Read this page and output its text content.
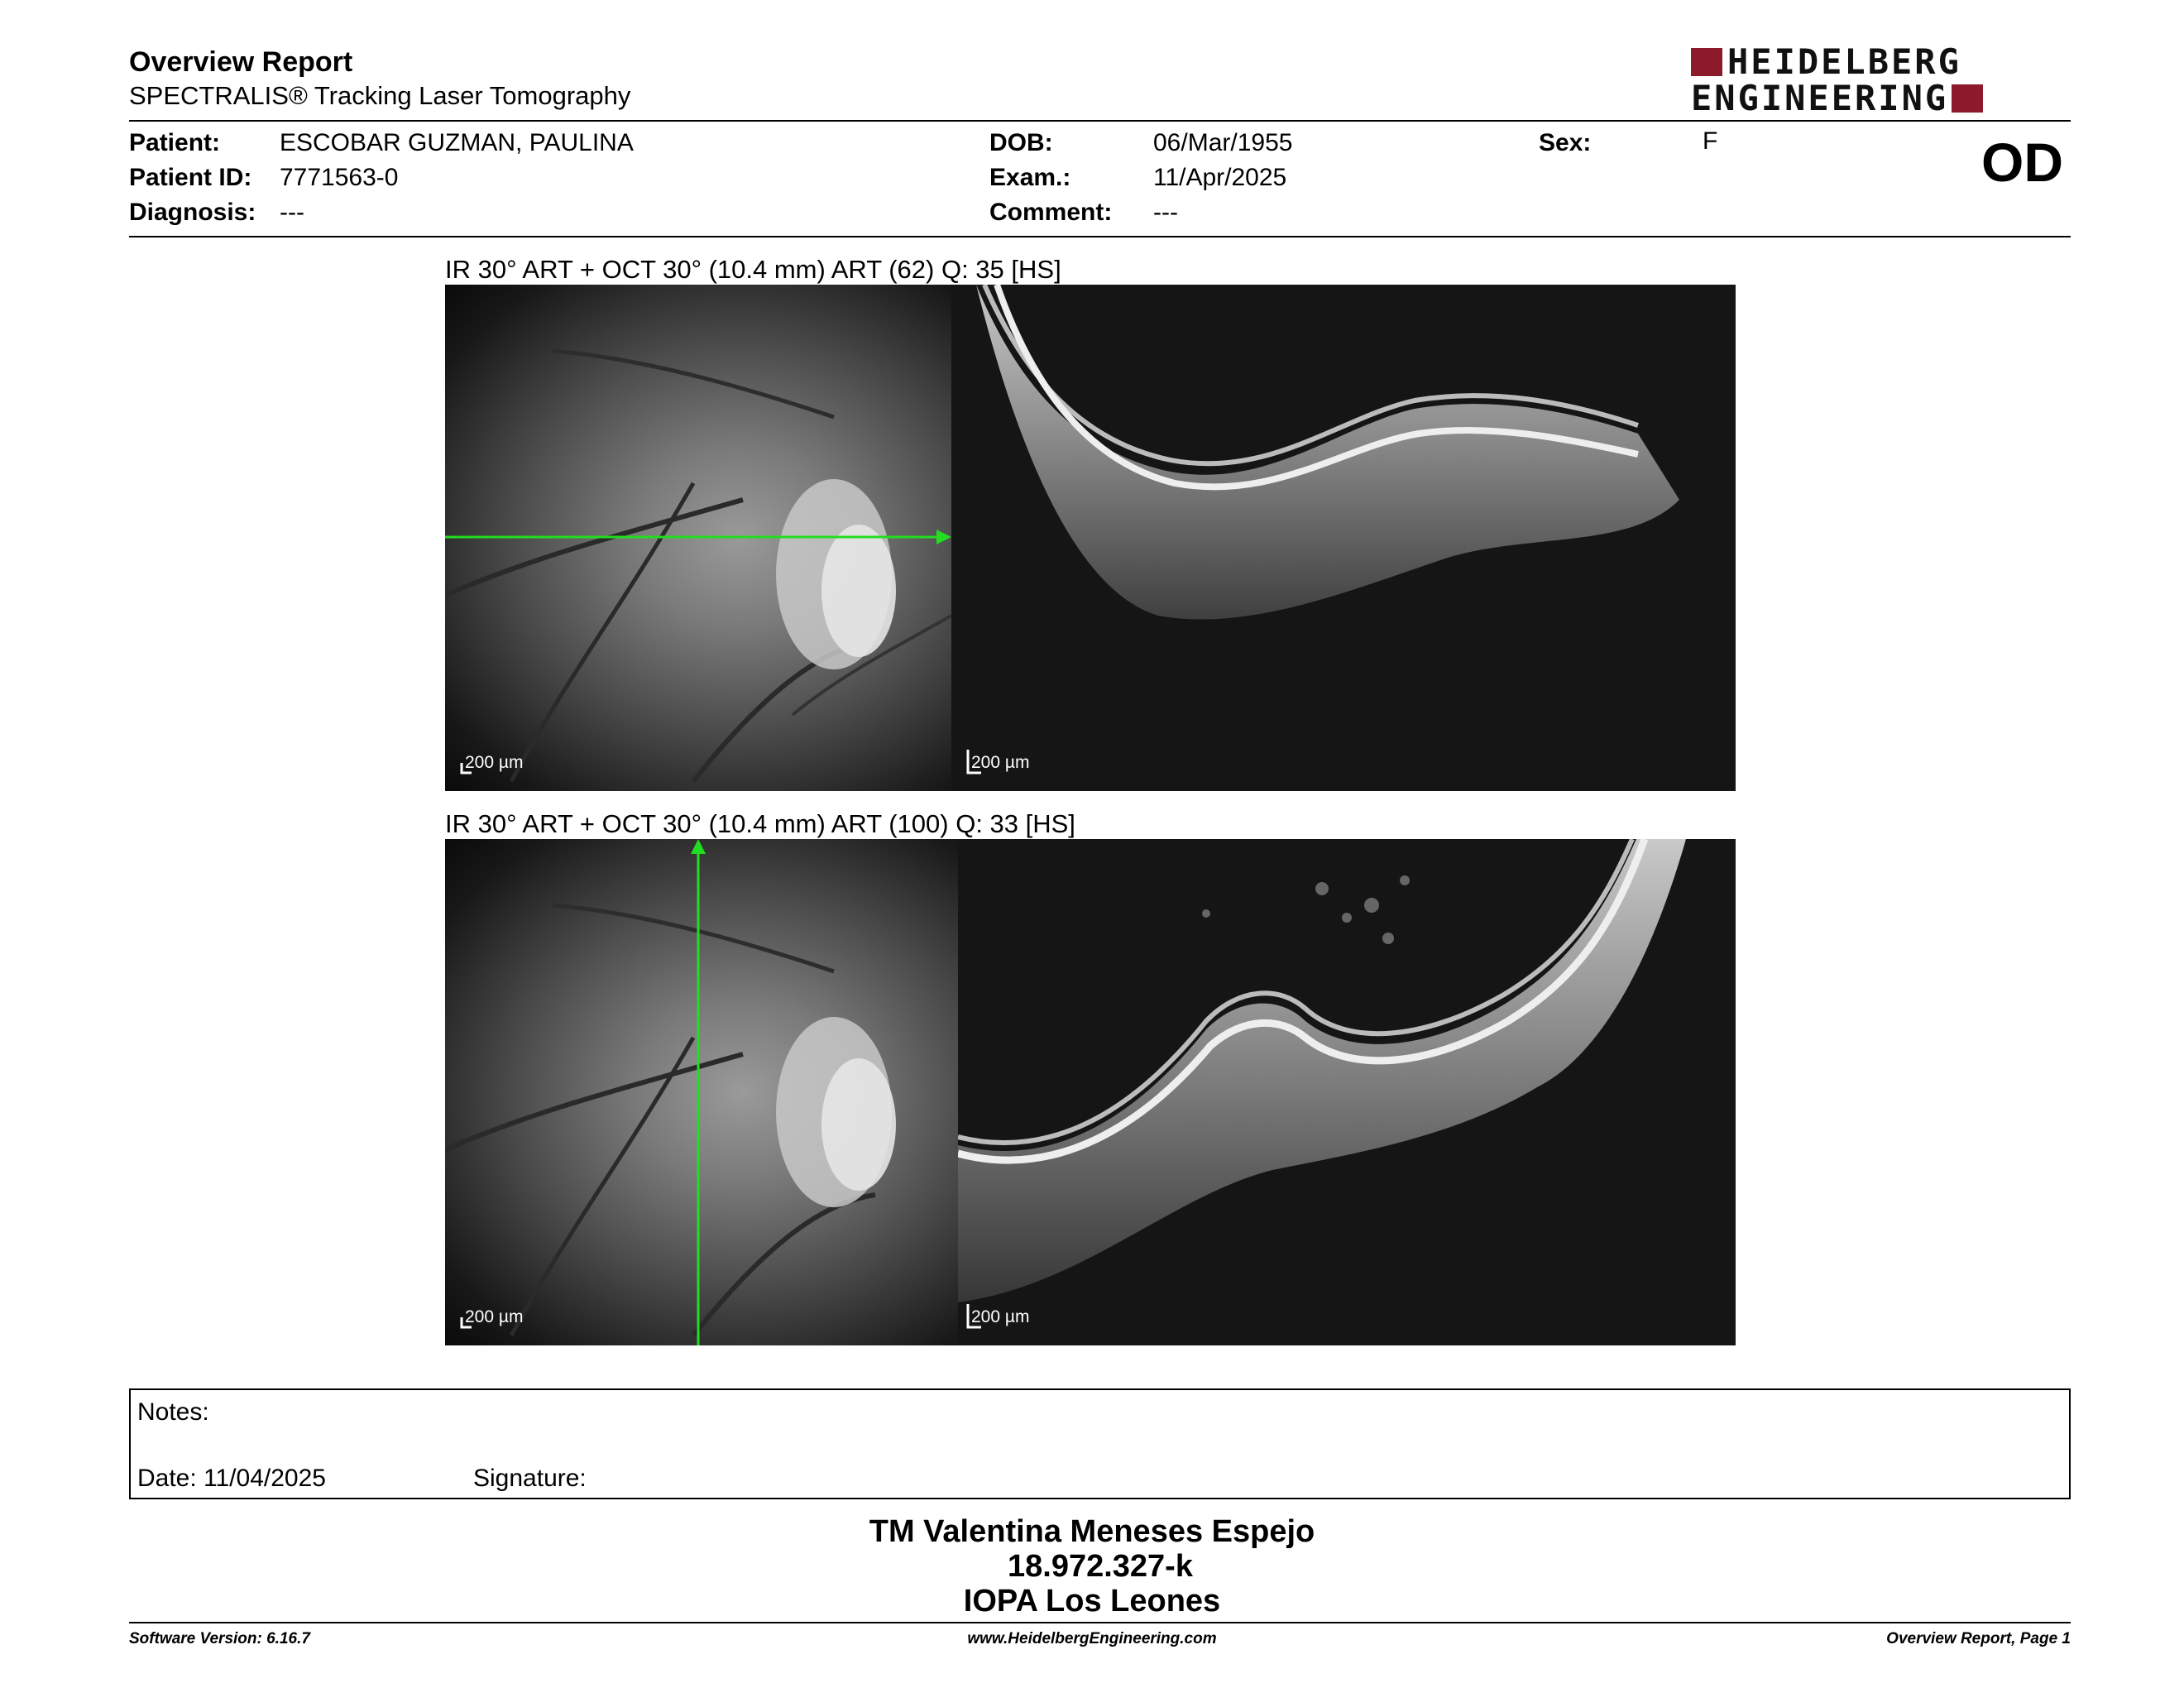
Overview Report
SPECTRALIS® Tracking Laser Tomography
HEIDELBERG
ENGINEERING
Patient: ESCOBAR GUZMAN, PAULINA
Patient ID: 7771563-0
Diagnosis: ---
DOB:	06/Mar/1955
Exam.:	11/Apr/2025
Comment: ---
Sex:	F	OD
IR 30° ART + OCT 30° (10.4 mm) ART (62) Q: 35 [HS]
200 µm	200 µm
IR 30° ART + OCT 30° (10.4 mm) ART (100) Q: 33 [HS]
200 µm	200 µm
Notes:
Date: 11/04/2025	Signature:
TM Valentina Meneses Espejo
18.972.327-k
IOPA Los Leones
Software Version: 6.16.7	www.HeidelbergEngineering.com	Overview Report, Page 1
